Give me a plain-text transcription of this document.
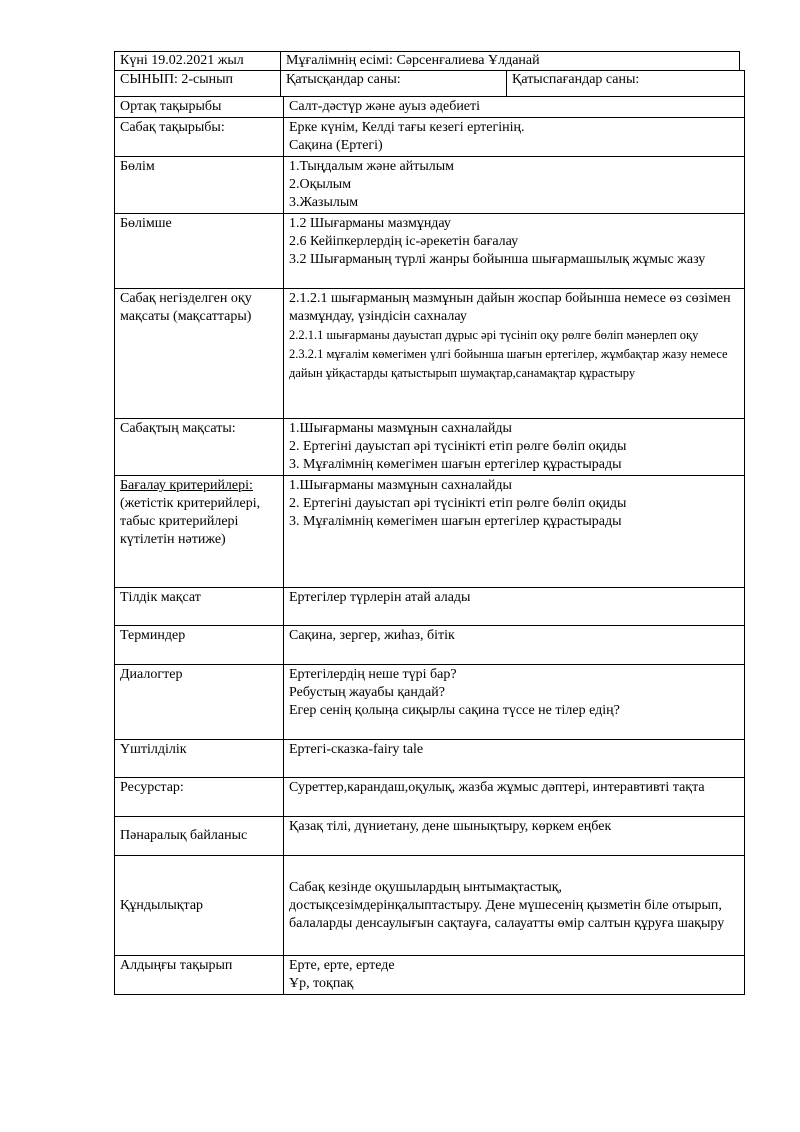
Күні 19.02.2021 жыл	Мұғалімнің есімі: Сәрсенғалиева Ұлданай
СЫНЫП: 2-сынып	Қатысқандар саны:	Қатыспағандар саны:
Ортақ тақырыбы	Салт-дәстүр және ауыз әдебиеті
Сабақ тақырыбы:	Ерке күнім, Келді тағы кезегі ертегінің.
Сақина (Ертегі)

Бөлім	1.Тыңдалым және айтылым
2.Оқылым
3.Жазылым

Бөлімше	1.2 Шығарманы мазмұндау
2.6 Кейіпкерлердің іс-әрекетін бағалау
3.2 Шығарманың түрлі жанры бойынша шығармашылық жұмыс жазу

Сабақ негізделген оқу мақсаты (мақсаттары)	2.1.2.1 шығарманың мазмұнын дайын жоспар бойынша немесе өз сөзімен мазмұндау, үзіндісін сахналау
2.2.1.1 шығарманы дауыстап дұрыс әрі түсініп оқу рөлге бөліп мәнерлеп оқу
2.3.2.1 мұғалім көмегімен үлгі бойынша шағын ертегілер, жұмбақтар жазу немесе дайын ұйқастарды қатыстырып шумақтар,санамақтар құрастыру

Сабақтың мақсаты:	1.Шығарманы мазмұнын сахналайды
2. Ертегіні дауыстап әрі түсінікті етіп рөлге бөліп оқиды
3. Мұғалімнің көмегімен шағын ертегілер құрастырады

Бағалау критерийлері:
(жетістік критерийлері, табыс критерийлері күтілетін нәтиже)	1.Шығарманы мазмұнын сахналайды
2. Ертегіні дауыстап әрі түсінікті етіп рөлге бөліп оқиды
3. Мұғалімнің көмегімен шағын ертегілер құрастырады

Тілдік мақсат	Ертегілер түрлерін атай алады
Терминдер	Сақина, зергер, жиһаз, бітік
Диалогтер	Ертегілердің неше түрі бар?
Ребустың жауабы қандай?
Егер сенің қолыңа сиқырлы сақина түссе не тілер едің?

Үштілділік	Ертегі-сказка-fairy tale
Ресурстар:	Суреттер,карандаш,оқулық, жазба жұмыс дәптері, интеравтивті тақта

Пәнаралық байланыс	Қазақ тілі, дүниетану, дене шынықтыру, көркем еңбек
Құндылықтар	Сабақ кезінде оқушылардың ынтымақтастық, достықсезімдерінқалыптастыру. Дене мүшесенің қызметін біле отырып, балаларды денсаулығын сақтауға, салауатты өмір салтын құруға шақыру

Алдыңғы тақырып	Ерте, ерте, ертеде
Ұр, тоқпақ
